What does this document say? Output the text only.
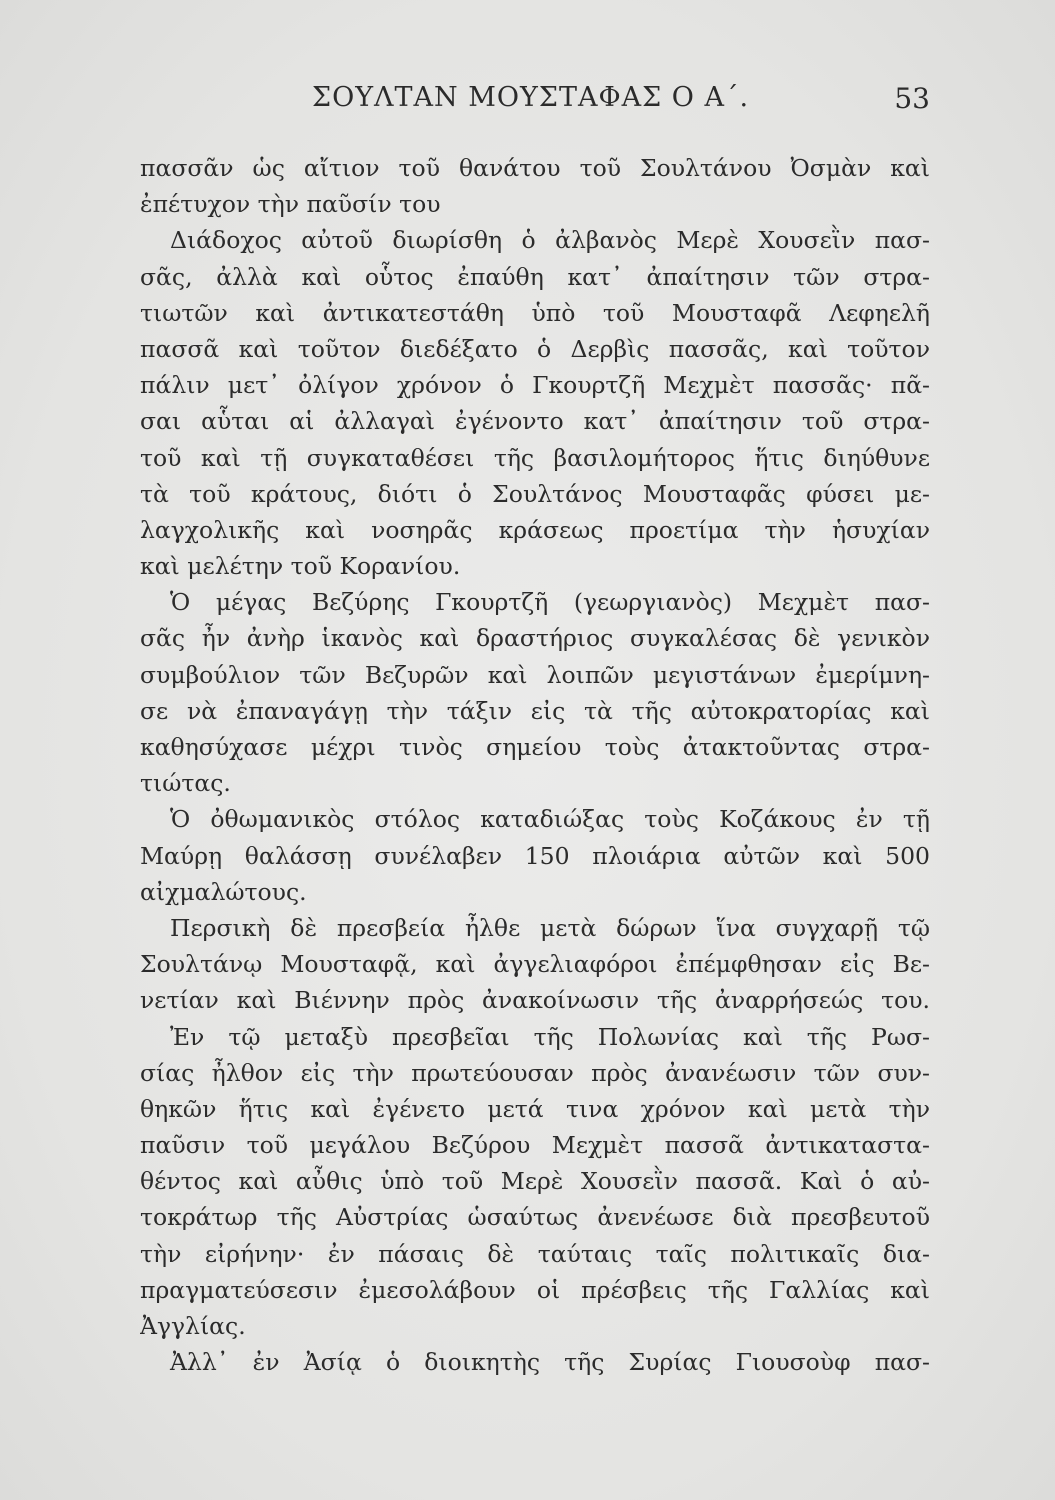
ΣΟΥΛΤΑΝ ΜΟΥΣΤΑΦΑΣ Ο Α΄.	53
πασσᾶν ὡς αἴτιον τοῦ θανάτου τοῦ Σουλτάνου Ὀσμὰν καὶ
ἐπέτυχον τὴν παῦσίν του
Διάδοχος αὐτοῦ διωρίσθη ὁ ἀλβανὸς Μερὲ Χουσεῒν πασ-
σᾶς, ἀλλὰ καὶ οὗτος ἐπαύθη κατ᾽ ἀπαίτησιν τῶν στρα-
τιωτῶν καὶ ἀντικατεστάθη ὑπὸ τοῦ Μουσταφᾶ Λεφηελῆ
πασσᾶ καὶ τοῦτον διεδέξατο ὁ Δερβὶς πασσᾶς, καὶ τοῦτον
πάλιν μετ᾽ ὀλίγον χρόνον ὁ Γκουρτζῆ Μεχμὲτ πασσᾶς· πᾶ-
σαι αὗται αἱ ἀλλαγαὶ ἐγένοντο κατ᾽ ἀπαίτησιν τοῦ στρα-
τοῦ καὶ τῇ συγκαταθέσει τῆς βασιλομήτορος ἥτις διηύθυνε
τὰ τοῦ κράτους, διότι ὁ Σουλτάνος Μουσταφᾶς φύσει με-
λαγχολικῆς καὶ νοσηρᾶς κράσεως προετίμα τὴν ἡσυχίαν
καὶ μελέτην τοῦ Κορανίου.
Ὁ μέγας Βεζύρης Γκουρτζῆ (γεωργιανὸς) Μεχμὲτ πασ-
σᾶς ἦν ἀνὴρ ἱκανὸς καὶ δραστήριος συγκαλέσας δὲ γενικὸν
συμβούλιον τῶν Βεζυρῶν καὶ λοιπῶν μεγιστάνων ἐμερίμνη-
σε νὰ ἐπαναγάγῃ τὴν τάξιν εἰς τὰ τῆς αὐτοκρατορίας καὶ
καθησύχασε μέχρι τινὸς σημείου τοὺς ἀτακτοῦντας στρα-
τιώτας.
Ὁ ὀθωμανικὸς στόλος καταδιώξας τοὺς Κοζάκους ἐν τῇ
Μαύρῃ θαλάσσῃ συνέλαβεν 150 πλοιάρια αὐτῶν καὶ 500
αἰχμαλώτους.
Περσικὴ δὲ πρεσβεία ἦλθε μετὰ δώρων ἵνα συγχαρῇ τῷ
Σουλτάνῳ Μουσταφᾷ, καὶ ἀγγελιαφόροι ἐπέμφθησαν εἰς Βε-
νετίαν καὶ Βιέννην πρὸς ἀνακοίνωσιν τῆς ἀναρρήσεώς του.
Ἐν τῷ μεταξὺ πρεσβεῖαι τῆς Πολωνίας καὶ τῆς Ρωσ-
σίας ἦλθον εἰς τὴν πρωτεύουσαν πρὸς ἀνανέωσιν τῶν συν-
θηκῶν ἥτις καὶ ἐγένετο μετά τινα χρόνον καὶ μετὰ τὴν
παῦσιν τοῦ μεγάλου Βεζύρου Μεχμὲτ πασσᾶ ἀντικαταστα-
θέντος καὶ αὖθις ὑπὸ τοῦ Μερὲ Χουσεῒν πασσᾶ. Καὶ ὁ αὐ-
τοκράτωρ τῆς Αὐστρίας ὡσαύτως ἀνενέωσε διὰ πρεσβευτοῦ
τὴν εἰρήνην· ἐν πάσαις δὲ ταύταις ταῖς πολιτικαῖς δια-
πραγματεύσεσιν ἐμεσολάβουν οἱ πρέσβεις τῆς Γαλλίας καὶ
Ἀγγλίας.
Ἀλλ᾽ ἐν Ἀσίᾳ ὁ διοικητὴς τῆς Συρίας Γιουσοὺφ πασ-
